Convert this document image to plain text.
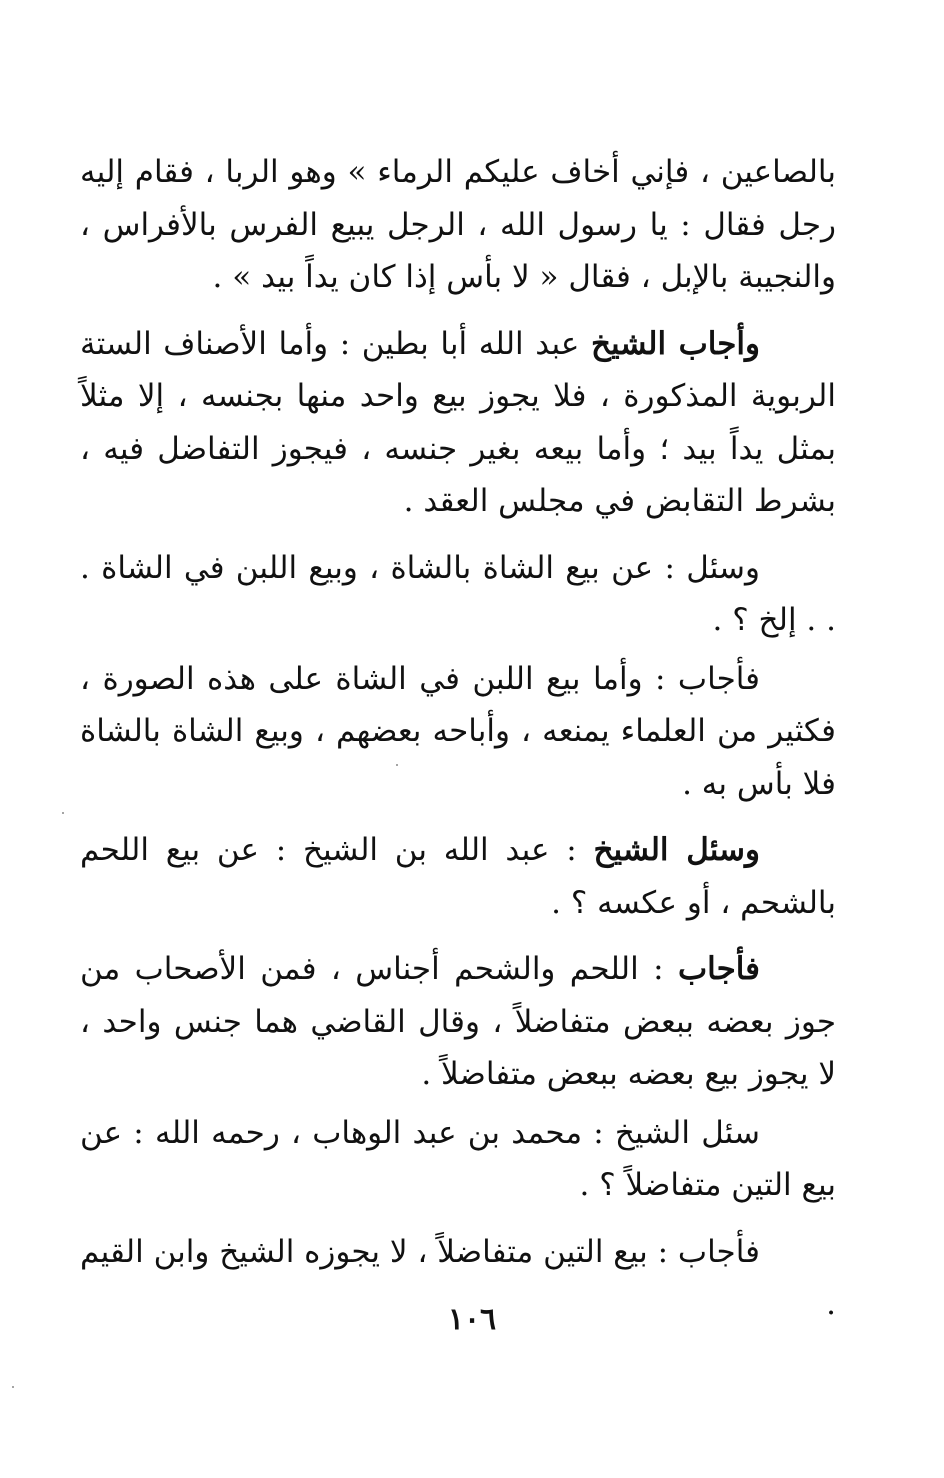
بالصاعين ، فإني أخاف عليكم الرماء » وهو الربا ، فقام إليه رجل فقال : يا رسول الله ، الرجل يبيع الفرس بالأفراس ، والنجيبة بالإبل ، فقال « لا بأس إذا كان يداً بيد » .

وأجاب الشيخ عبد الله أبا بطين : وأما الأصناف الستة الربوية المذكورة ، فلا يجوز بيع واحد منها بجنسه ، إلا مثلاً بمثل يداً بيد ؛ وأما بيعه بغير جنسه ، فيجوز التفاضل فيه ، بشرط التقابض في مجلس العقد .

وسئل : عن بيع الشاة بالشاة ، وبيع اللبن في الشاة . . . إلخ ؟ .

فأجاب : وأما بيع اللبن في الشاة على هذه الصورة ، فكثير من العلماء يمنعه ، وأباحه بعضهم ، وبيع الشاة بالشاة فلا بأس به .

وسئل الشيخ : عبد الله بن الشيخ : عن بيع اللحم بالشحم ، أو عكسه ؟ .

فأجاب : اللحم والشحم أجناس ، فمن الأصحاب من جوز بعضه ببعض متفاضلاً ، وقال القاضي هما جنس واحد ، لا يجوز بيع بعضه ببعض متفاضلاً .

سئل الشيخ : محمد بن عبد الوهاب ، رحمه الله : عن بيع التين متفاضلاً ؟ .

فأجاب : بيع التين متفاضلاً ، لا يجوزه الشيخ وابن القيم .

١٠٦
